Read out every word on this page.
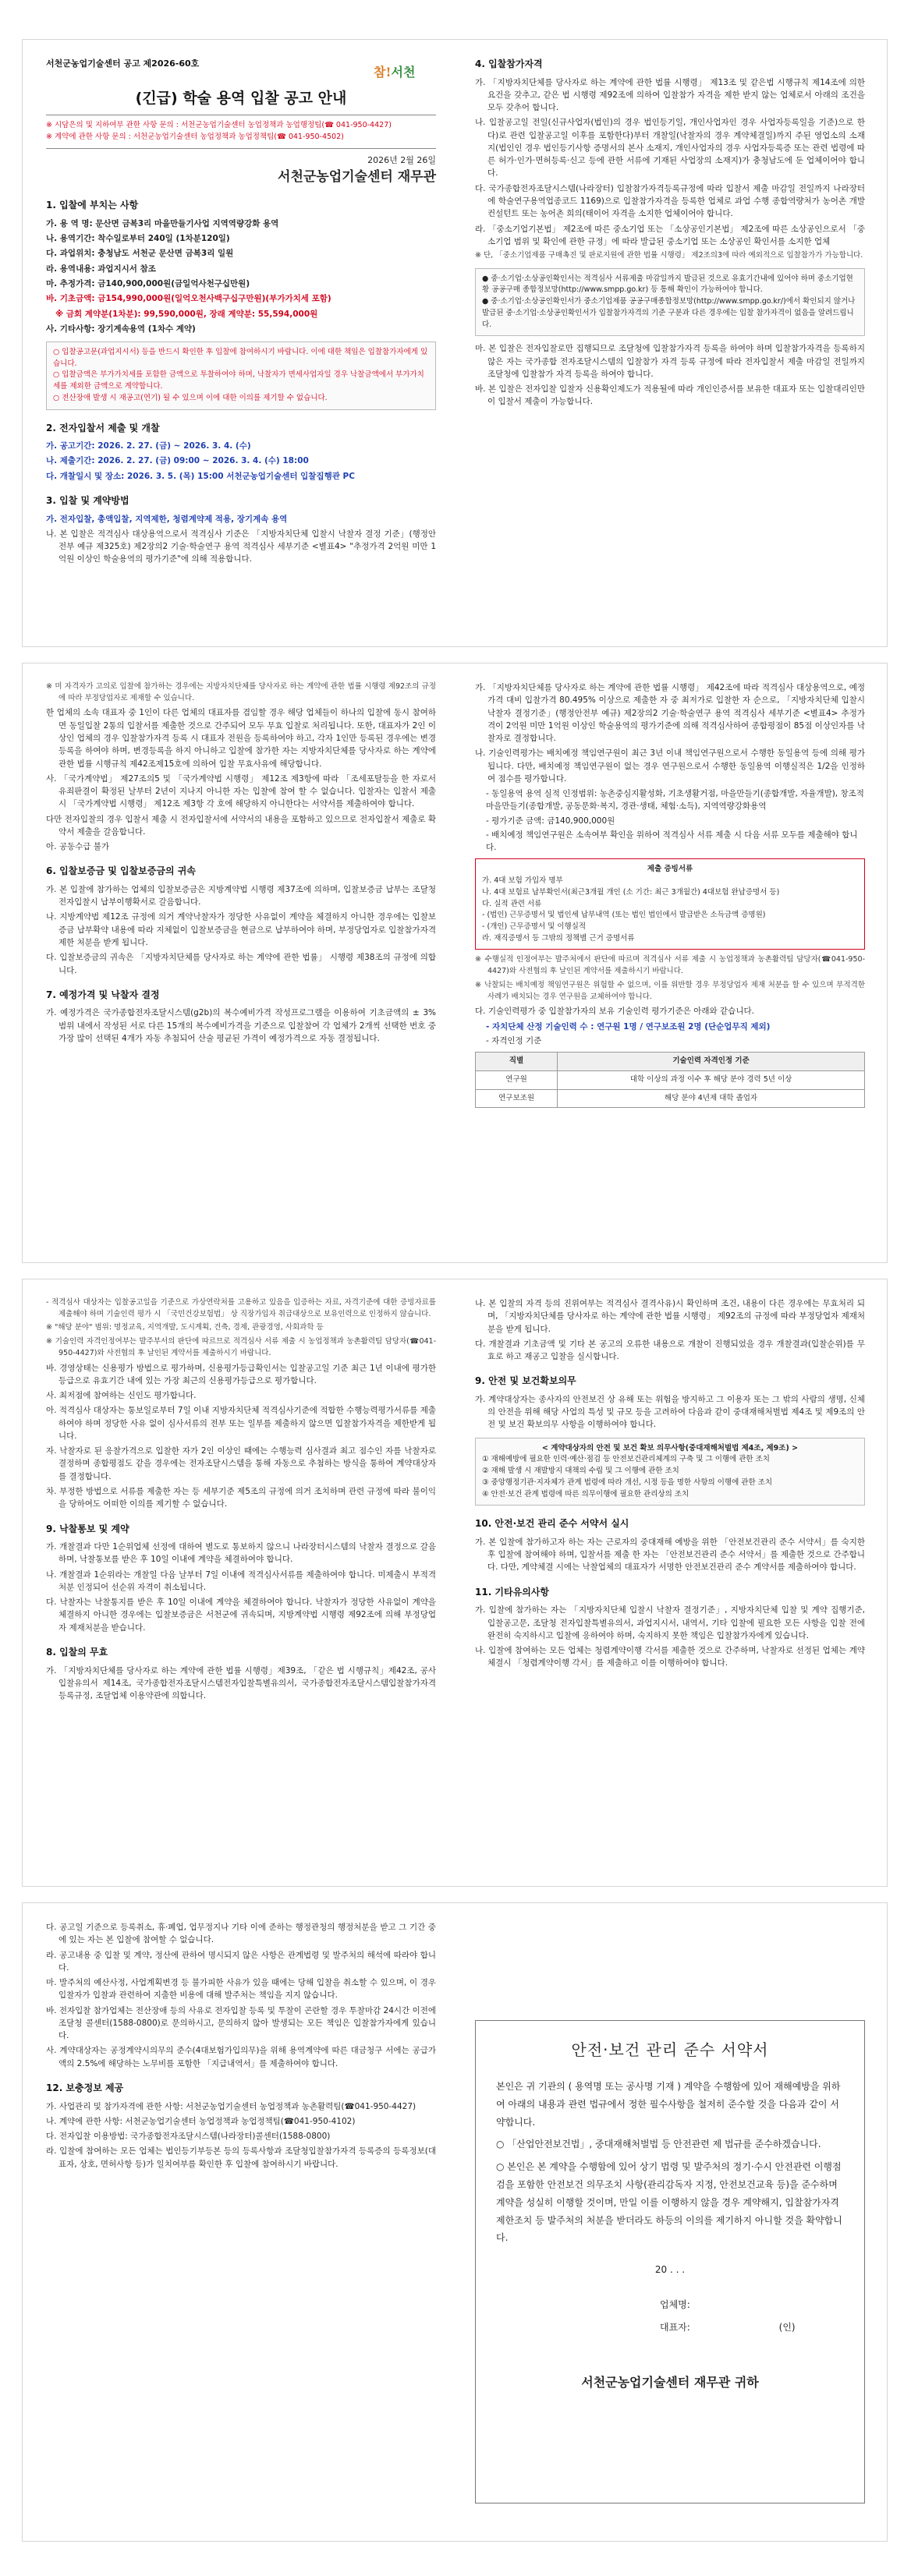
서천군농업기술센터 공고 제2026-60호
참!서천
(긴급) 학술 용역 입찰 공고 안내
※ 시담은의 및 지하여부 관한 사항 문의 : 서천군농업기술센터 농업정책과 농업행정팀(☎ 041-950-4427)
※ 계약에 관한 사항 문의 : 서천군농업기술센터 농업정책과 농업정책팀(☎ 041-950-4502)
2026년 2월 26일
서천군농업기술센터 재무관
1. 입찰에 부치는 사항
가. 용 역 명: 문산면 금복3리 마을만들기사업 지역역량강화 용역
나. 용역기간: 착수일로부터 240일 (1차분120일)
다. 과업위치: 충청남도 서천군 문산면 금복3리 일원
라. 용역내용: 과업지시서 참조
마. 추정가격: 금140,900,000원(금일억사천구십만원)
바. 기초금액: 금154,990,000원(일억오천사백구십구만원)(부가가치세 포함)
※ 금회 계약분(1차분): 99,590,000원, 장래 계약분: 55,594,000원
사. 기타사항: 장기계속용역 (1차수 계약)
○ 입찰공고문(과업지시서) 등을 반드시 확인한 후 입찰에 참여하시기 바랍니다. 이에 대한 책임은 입찰참가자에게 있습니다.
○ 입찰금액은 부가가치세를 포함한 금액으로 투찰하여야 하며, 낙찰자가 면세사업자일 경우 낙찰금액에서 부가가치세를 제외한 금액으로 계약합니다.
○ 전산장애 발생 시 재공고(연기) 될 수 있으며 이에 대한 이의를 제기할 수 없습니다.
2. 전자입찰서 제출 및 개찰
가. 공고기간: 2026. 2. 27. (금) ~ 2026. 3. 4. (수)
나. 제출기간: 2026. 2. 27. (금) 09:00 ~ 2026. 3. 4. (수) 18:00
다. 개찰일시 및 장소: 2026. 3. 5. (목) 15:00 서천군농업기술센터 입찰집행관 PC
3. 입찰 및 계약방법
가. 전자입찰, 총액입찰, 지역제한, 청렴계약제 적용, 장기계속 용역
나. 본 입찰은 적격심사 대상용역으로서 적격심사 기준은 「지방자치단체 입찰시 낙찰자 결정 기준」(행정안전부 예규 제325호) 제2장의2 기술·학술연구 용역 적격심사 세부기준 <별표4> "추정가격 2억원 미만 1억원 이상인 학술용역의 평가기준"에 의해 적용합니다.
4. 입찰참가자격
가. 「지방자치단체를 당사자로 하는 계약에 관한 법률 시행령」 제13조 및 같은법 시행규칙 제14조에 의한 요건을 갖추고, 같은 법 시행령 제92조에 의하여 입찰참가 자격을 제한 받지 않는 업체로서 아래의 조건을 모두 갖추어 합니다.
나. 입찰공고일 전일(신규사업자(법인)의 경우 법인등기일, 개인사업자인 경우 사업자등록일을 기준)으로 한다)로 관련 입찰공고일 이후를 포함한다)부터 개찰일(낙찰자의 경우 계약체결일)까지 주된 영업소의 소재지(법인인 경우 법인등기사항 증명서의 본사 소재지, 개인사업자의 경우 사업자등록증 또는 관련 법령에 따른 허가·인가·면허등록·신고 등에 관한 서류에 기재된 사업장의 소재지)가 충청남도에 둔 업체이어야 합니다.
다. 국가종합전자조달시스템(나라장터) 입찰참가자격등록규정에 따라 입찰서 제출 마감일 전일까지 나라장터에 학술연구용역업종코드 1169)으로 입찰참가자격을 등록한 업체로 과업 수행 종합역량처가 농어촌 개발 컨설턴트 또는 농어촌 희의(태이어 자격을 소지한 업체이어야 합니다.
라. 「중소기업기본법」 제2조에 따른 중소기업 또는 「소상공인기본법」 제2조에 따른 소상공인으로서 「중소기업 범위 및 확인에 관한 규정」에 따라 발급된 중소기업 또는 소상공인 확인서를 소지한 업체
※ 단, 「중소기업제품 구매촉진 및 판로지원에 관한 법률 시행령」 제2조의3에 따라 예외적으로 입찰참가가 가능합니다.
● 중·소기업·소상공인확인서는 적격심사 서류제출 마감일까지 발급된 것으로 유효기간내에 있어야 하며 중소기업현황 공공구매 종합정보망(http://www.smpp.go.kr) 등 통해 확인이 가능하여야 합니다.
● 중·소기업·소상공인확인서가 중소기업제품 공공구매종합정보망(http://www.smpp.go.kr/)에서 확인되지 않거나 발급된 중·소기업·소상공인확인서가 입찰참가자격의 기준 구분과 다른 경우에는 입찰 참가자격이 없음을 알려드립니다.
마. 본 입찰은 전자입찰로만 집행되므로 조달청에 입찰참가자격 등록을 하여야 하며 입찰참가자격을 등록하지 않은 자는 국가종합 전자조달시스템의 입찰참가 자격 등록 규정에 따라 전자입찰서 제출 마감일 전일까지 조달청에 입찰참가 자격 등록을 하여야 합니다.
바. 본 입찰은 전자입찰 입찰자 신용확인제도가 적용될에 따라 개인인증서를 보유한 대표자 또는 입찰대리인만이 입찰서 제출이 가능합니다.
※ 미 자격자가 고의로 입찰에 참가하는 경우에는 지방자치단체를 당사자로 하는 계약에 관한 법률 시행령 제92조의 규정에 따라 부정당업자로 제재할 수 있습니다.
한 업체의 소속 대표자 중 1인이 다른 업체의 대표자를 겸임할 경우 해당 업체들이 하나의 입찰에 동시 참여하면 동일입찰 2통의 입찰서를 제출한 것으로 간주되어 모두 무효 입찰로 처리됩니다. 또한, 대표자가 2인 이상인 업체의 경우 입찰참가자격 등록 시 대표자 전원을 등록하여야 하고, 각자 1인만 등록된 경우에는 변경등록을 하여야 하며, 변경등록을 하지 아니하고 입찰에 참가한 자는 지방자치단체를 당사자로 하는 계약에 관한 법률 시행규칙 제42조제15호에 의하여 입찰 무효사유에 해당합니다.
사. 「국가계약법」 제27조의5 및 「국가계약법 시행령」 제12조 제3항에 따라 「조세포탈등을 한 자로서 유죄판결이 확정된 날부터 2년이 지나지 아니한 자는 입찰에 참여 할 수 없습니다. 입찰자는 입찰서 제출 시 「국가계약법 시행령」 제12조 제3항 각 호에 해당하지 아니한다는 서약서를 제출하여야 합니다.
다만 전자입찰의 경우 입찰서 제출 시 전자입찰서에 서약서의 내용을 포함하고 있으므로 전자입찰서 제출로 확약서 제출을 갈음합니다.
아. 공동수급 불가
6. 입찰보증금 및 입찰보증금의 귀속
가. 본 입찰에 참가하는 업체의 입찰보증금은 지방계약법 시행령 제37조에 의하며, 입찰보증금 납부는 조달청 전자입찰시 납부이행확서로 갈음합니다.
나. 지방계약법 제12조 규정에 의거 계약낙찰자가 정당한 사유없이 계약을 체결하지 아니한 경우에는 입찰보증금 납부확약 내용에 따라 지체없이 입찰보증금을 현금으로 납부하여야 하며, 부정당업자로 입찰참가자격 제한 처분을 받게 됩니다.
다. 입찰보증금의 귀속은 「지방자치단체를 당사자로 하는 계약에 관한 법률」 시행령 제38조의 규정에 의합니다.
7. 예정가격 및 낙찰자 결정
가. 예정가격은 국가종합전자조달시스템(g2b)의 복수예비가격 작성프로그램을 이용하여 기초금액의 ± 3% 범위 내에서 작성된 서로 다른 15개의 복수예비가격을 기준으로 입찰참여 각 업체가 2개씩 선택한 번호 중 가장 많이 선택된 4개가 자동 추첨되어 산술 평균된 가격이 예정가격으로 자동 결정됩니다.
가. 「지방자치단체를 당사자로 하는 계약에 관한 법률 시행령」 제42조에 따라 적격심사 대상용역으로, 예정가격 대비 입찰가격 80.495% 이상으로 제출한 자 중 최저가로 입찰한 자 순으로, 「지방자치단체 입찰시 낙찰자 결정기준」(행정안전부 예규) 제2장의2 기술·학술연구 용역 적격심사 세부기준 <별표4> 추정가격이 2억원 미만 1억원 이상인 학술용역의 평가기준에 의해 적격심사하여 종합평점이 85점 이상인자를 낙찰자로 결정합니다.
나. 기술인력평가는 배치예정 책임연구원이 최근 3년 이내 책임연구원으로서 수행한 동일용역 등에 의해 평가됩니다. 다만, 배치예정 책임연구원이 없는 경우 연구원으로서 수행한 동일용역 이행실적은 1/2을 인정하여 점수를 평가합니다.
- 동일용역 용역 실적 인정범위: 농촌중심지활성화, 기초생활거점, 마을만들기(종합개발, 자율개발), 창조적마을만들기(종합개발, 공동문화·복지, 경관·생태, 체험·소득), 지역역량강화용역
- 평가기준 금액: 금140,900,000원
- 배치예정 책임연구원은 소속여부 확인을 위하여 적격심사 서류 제출 시 다음 서류 모두를 제출해야 합니다.
제출 증빙서류
가. 4대 보험 가입자 명부
나. 4대 보험료 납부확인서(최근3개월 개인 (소 기간: 최근 3개월간) 4대보험 완납증명서 등)
다. 실적 관련 서류
- (법인) 근무증명서 및 법인세 납부내역 (또는 법인 법인에서 발급받은 소득금액 증명원)
- (개인) 근무증명서 및 이행실적
라. 재직증명서 등 그밖의 정책별 근거 증명서류
※ 수행실적 인정여부는 발주처에서 판단에 따르며 적격심사 서류 제출 시 농업정책과 농촌활력팀 담당자(☎041-950-4427)와 사전협의 후 날인된 계약서를 제출하시기 바랍니다.
※ 낙찰되는 배치예정 책임연구원은 위험할 수 없으며, 이를 위반할 경우 부정당업자 제재 처분을 할 수 있으며 부적격한 사례가 배치되는 경우 연구원을 교체하여야 합니다.
다. 기술인력평가 중 입찰참가자의 보유 기술인력 평가기준은 아래와 같습니다.
- 자치단체 산정 기술인력 수 : 연구원 1명 / 연구보조원 2명 (단순업무직 제외)
- 자격인정 기준
직별	기술인력 자격인정 기준
연구원	대학 이상의 과정 이수 후 해당 분야 경력 5년 이상
연구보조원	해당 분야 4년제 대학 졸업자
- 적격심사 대상자는 입찰공고일을 기준으로 가상연락처를 고용하고 있음을 입증하는 자료, 자격기준에 대한 증빙자료를 제출해야 하며 기술인력 평가 시 「국민건강보험법」 상 직장가입자 취급대상으로 보유인력으로 인정하지 않습니다.
※ "해당 분야" 범위: 명정교육, 지역개발, 도시계획, 건축, 경제, 관광경영, 사회과학 등
※ 기술인력 자격인정여부는 발주부서의 판단에 따르므로 적격심사 서류 제출 시 농업정책과 농촌활력팀 담당자(☎041-950-4427)와 사전협의 후 날인된 계약서를 제출하시기 바랍니다.
바. 경영상태는 신용평가 방법으로 평가하며, 신용평가등급확인서는 입찰공고일 기준 최근 1년 이내에 평가한 등급으로 유효기간 내에 있는 가장 최근의 신용평가등급으로 평가합니다.
사. 최저점에 참여하는 신인도 평가합니다.
아. 적격심사 대상자는 통보일로부터 7일 이내 지방자치단체 적격심사기준에 적합한 수행능력평가서류를 제출하여야 하며 정당한 사유 없이 심사서류의 전부 또는 일부를 제출하지 않으면 입찰참가자격을 제한받게 됩니다.
자. 낙찰자로 된 응찰가격으로 입찰한 자가 2인 이상인 때에는 수행능력 심사결과 최고 점수인 자를 낙찰자로 결정하며 종합평점도 같을 경우에는 전자조달시스템을 통해 자동으로 추첨하는 방식을 통하여 계약대상자를 결정합니다.
차. 부정한 방법으로 서류를 제출한 자는 등 세부기준 제5조의 규정에 의거 조치하며 관련 규정에 따라 불이익을 당하여도 어떠한 이의를 제기할 수 없습니다.
9. 낙찰통보 및 계약
가. 개찰결과 다만 1순위업체 선정에 대하여 별도로 통보하지 않으니 나라장터시스템의 낙찰자 결정으로 갈음하며, 낙찰통보를 받은 후 10일 이내에 계약을 체결하여야 합니다.
나. 개찰결과 1순위라는 개찰일 다음 날부터 7일 이내에 적격심사서류를 제출하여야 합니다. 미제출시 부적격처분 인정되어 선순위 자격이 취소됩니다.
다. 낙찰자는 낙찰통지를 받은 후 10일 이내에 계약을 체결하여야 합니다. 낙찰자가 정당한 사유없이 계약을 체결하지 아니한 경우에는 입찰보증금은 서천군에 귀속되며, 지방계약법 시행령 제92조에 의해 부정당업자 제재처분을 받습니다.
8. 입찰의 무효
가. 「지방자치단체를 당사자로 하는 계약에 관한 법률 시행령」제39조, 「같은 법 시행규칙」제42조, 공사입찰유의서 제14조, 국가종합전자조달시스템전자입찰특별유의서, 국가종합전자조달시스템입찰참가자격등록규정, 조달업체 이용약관에 의합니다.
나. 본 입찰의 자격 등의 진위여부는 적격심사 결격사유)시 확인하며 조건, 내용이 다른 경우에는 무효처리 되며, 「지방자치단체를 당사자로 하는 계약에 관한 법률 시행령」 제92조의 규정에 따라 부정당업자 제재처분을 받게 됩니다.
다. 개찰결과 기초금액 및 기타 본 공고의 오류한 내용으로 개찰이 진행되었을 경우 개찰결과(입찰순위)를 무효로 하고 재공고 입찰을 실시합니다.
9. 안전 및 보건확보의무
가. 계약대상자는 종사자의 안전보건 상 유해 또는 위험을 방지하고 그 이용자 또는 그 밖의 사람의 생명, 신체의 안전을 위해 해당 사업의 특성 및 규모 등을 고려하여 다음과 같이 중대재해처벌법 제4조 및 제9조의 안전 및 보건 확보의무 사항을 이행하여야 합니다.
< 계약대상자의 안전 및 보건 확보 의무사항(중대재해처벌법 제4조, 제9조) >
① 재해예방에 필요한 인력·예산·점검 등 안전보건관리체계의 구축 및 그 이행에 관한 조치
② 재해 발생 시 재발방지 대책의 수립 및 그 이행에 관한 조치
③ 중앙행정기관·지자체가 관계 법령에 따라 개선, 시정 등을 명한 사항의 이행에 관한 조치
④ 안전·보건 관계 법령에 따른 의무이행에 필요한 관리상의 조치
10. 안전·보건 관리 준수 서약서 실시
가. 본 입찰에 참가하고자 하는 자는 근로자의 중대재해 예방을 위한 「안전보건관리 준수 서약서」를 숙지한 후 입찰에 참여해야 하며, 입찰서를 제출 한 자는 「안전보건관리 준수 서약서」를 제출한 것으로 간주합니다. 다만, 계약체결 시에는 낙찰업체의 대표자가 서명한 안전보건관리 준수 계약서를 제출하여야 합니다.
11. 기타유의사항
가. 입찰에 참가하는 자는 「지방자치단체 입찰시 낙찰자 결정기준」, 지방자치단체 입찰 및 계약 집행기준, 입찰공고문, 조달청 전자입찰특별유의서, 과업지시서, 내역서, 기타 입찰에 필요한 모든 사항을 입찰 전에 완전히 숙지하시고 입찰에 응하여야 하며, 숙지하지 못한 책임은 입찰참가자에게 있습니다.
나. 입찰에 참여하는 모든 업체는 청렴계약이행 각서를 제출한 것으로 간주하며, 낙찰자로 선정된 업체는 계약체결시 「청렴계약이행 각서」를 제출하고 이를 이행하여야 합니다.
다. 공고일 기준으로 등록취소, 휴·폐업, 업무정지나 기타 이에 준하는 행정관청의 행정처분을 받고 그 기간 중에 있는 자는 본 입찰에 참여할 수 없습니다.
라. 공고내용 중 입찰 및 계약, 정산에 관하여 명시되지 않은 사항은 관계법령 및 발주처의 해석에 따라야 합니다.
마. 발주처의 예산사정, 사업계획변경 등 불가피한 사유가 있을 때에는 당해 입찰을 취소할 수 있으며, 이 경우 입찰자가 입찰과 관련하여 지출한 비용에 대해 발주처는 책임을 지지 않습니다.
바. 전자입찰 참가업체는 전산장애 등의 사유로 전자입찰 등록 및 투찰이 곤란할 경우 투찰마감 24시간 이전에 조달청 콜센터(1588-0800)로 문의하시고, 문의하지 않아 발생되는 모든 책임은 입찰참가자에게 있습니다.
사. 계약대상자는 공정계약시의무의 준수(4대보험가입의무)을 위해 용역계약에 따른 대금청구 서에는 공급가액의 2.5%에 해당하는 노무비를 포함한 「지급내역서」를 제출하여야 합니다.
12. 보충정보 제공
가. 사업관리 및 참가자격에 관한 사항: 서천군농업기술센터 농업정책과 농촌활력팀(☎041-950-4427)
나. 계약에 관한 사항: 서천군농업기술센터 농업정책과 농업정책팀(☎041-950-4102)
다. 전자입찰 이용방법: 국가종합전자조달시스템(나라장터)콜센터(1588-0800)
라. 입찰에 참여하는 모든 업체는 법인등기부등본 등의 등록사항과 조달청입찰참가자격 등록증의 등록정보(대표자, 상호, 면허사항 등)가 일치여부를 확인한 후 입찰에 참여하시기 바랍니다.
안전·보건 관리 준수 서약서

본인은 귀 기관의 ( 용역명 또는 공사명 기재 ) 계약을 수행함에 있어 재해예방을 위하여 아래의 내용과 관련 법규에서 정한 필수사항을 철저히 준수할 것을 다음과 같이 서약합니다.

○ 「산업안전보건법」, 중대재해처벌법 등 안전관련 제 법규를 준수하겠습니다.

○ 본인은 본 계약을 수행함에 있어 상기 법령 및 발주처의 정기·수시 안전관련 이행점검을 포함한 안전보건 의무조치 사항(관리감독자 지정, 안전보건교육 등)을 준수하며 계약을 성실히 이행할 것이며, 만일 이를 이행하지 않을 경우 계약해지, 입찰참가자격 제한조치 등 발주처의 처분을 받더라도 하등의 이의를 제기하지 아니할 것을 확약합니다.

20 . . .

업체명:
대표자:	(인)
서천군농업기술센터 재무관 귀하
